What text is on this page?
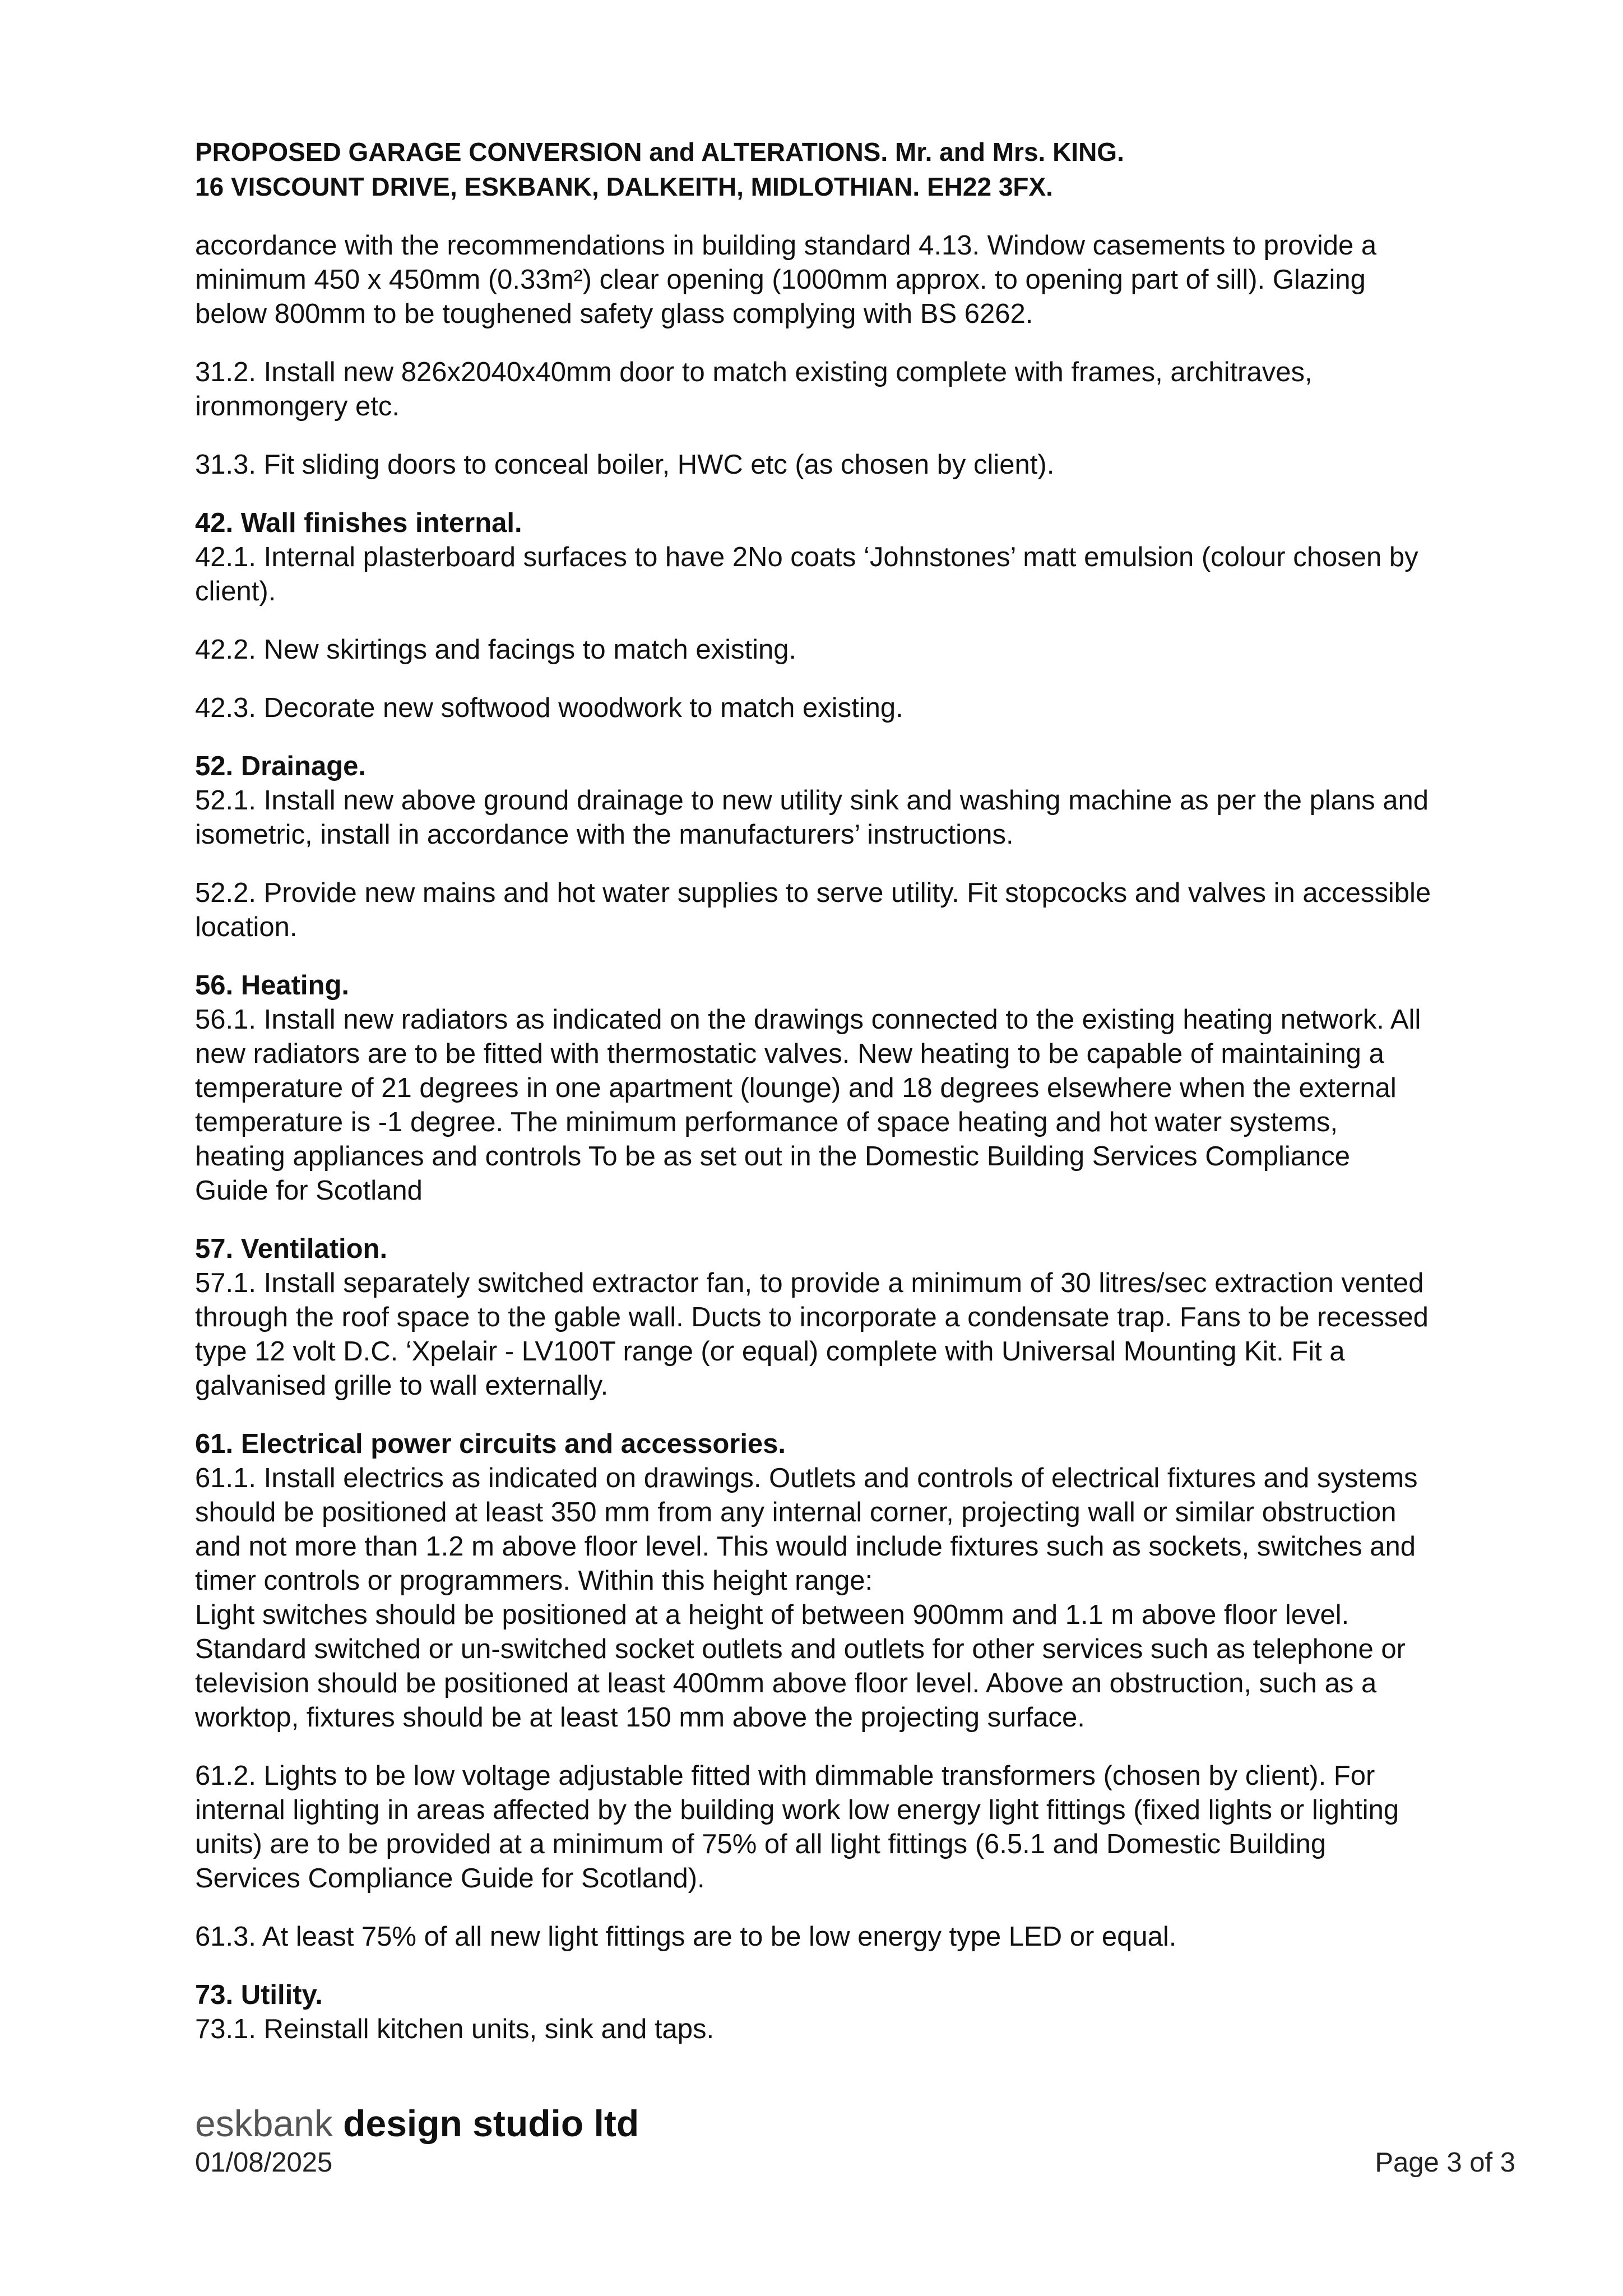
PROPOSED GARAGE CONVERSION and ALTERATIONS. Mr. and Mrs. KING.

16 VISCOUNT DRIVE, ESKBANK, DALKEITH, MIDLOTHIAN. EH22 3FX.

accordance with the recommendations in building standard 4.13. Window casements to provide a
minimum 450 x 450mm (0.33m²) clear opening (1000mm approx. to opening part of sill). Glazing
below 800mm to be toughened safety glass complying with BS 6262.

31.2. Install new 826x2040x40mm door to match existing complete with frames, architraves,
ironmongery etc.

31.3. Fit sliding doors to conceal boiler, HWC etc (as chosen by client).

42. Wall finishes internal.

42.1. Internal plasterboard surfaces to have 2No coats ‘Johnstones’ matt emulsion (colour chosen by
client).

42.2. New skirtings and facings to match existing.

42.3. Decorate new softwood woodwork to match existing.

52. Drainage.

52.1. Install new above ground drainage to new utility sink and washing machine as per the plans and
isometric, install in accordance with the manufacturers’ instructions.

52.2. Provide new mains and hot water supplies to serve utility. Fit stopcocks and valves in accessible
location.

56. Heating.

56.1. Install new radiators as indicated on the drawings connected to the existing heating network. All
new radiators are to be fitted with thermostatic valves. New heating to be capable of maintaining a
temperature of 21 degrees in one apartment (lounge) and 18 degrees elsewhere when the external
temperature is -1 degree. The minimum performance of space heating and hot water systems,
heating appliances and controls To be as set out in the Domestic Building Services Compliance
Guide for Scotland

57. Ventilation.

57.1. Install separately switched extractor fan, to provide a minimum of 30 litres/sec extraction vented
through the roof space to the gable wall. Ducts to incorporate a condensate trap. Fans to be recessed
type 12 volt D.C. ‘Xpelair - LV100T range (or equal) complete with Universal Mounting Kit. Fit a
galvanised grille to wall externally.

61. Electrical power circuits and accessories.

61.1. Install electrics as indicated on drawings. Outlets and controls of electrical fixtures and systems
should be positioned at least 350 mm from any internal corner, projecting wall or similar obstruction
and not more than 1.2 m above floor level. This would include fixtures such as sockets, switches and
timer controls or programmers. Within this height range:
Light switches should be positioned at a height of between 900mm and 1.1 m above floor level.
Standard switched or un-switched socket outlets and outlets for other services such as telephone or
television should be positioned at least 400mm above floor level. Above an obstruction, such as a
worktop, fixtures should be at least 150 mm above the projecting surface.

61.2. Lights to be low voltage adjustable fitted with dimmable transformers (chosen by client). For
internal lighting in areas affected by the building work low energy light fittings (fixed lights or lighting
units) are to be provided at a minimum of 75% of all light fittings (6.5.1 and Domestic Building
Services Compliance Guide for Scotland).

61.3. At least 75% of all new light fittings are to be low energy type LED or equal.

73. Utility.

73.1. Reinstall kitchen units, sink and taps.

eskbank design studio ltd
01/08/2025	Page 3 of 3
